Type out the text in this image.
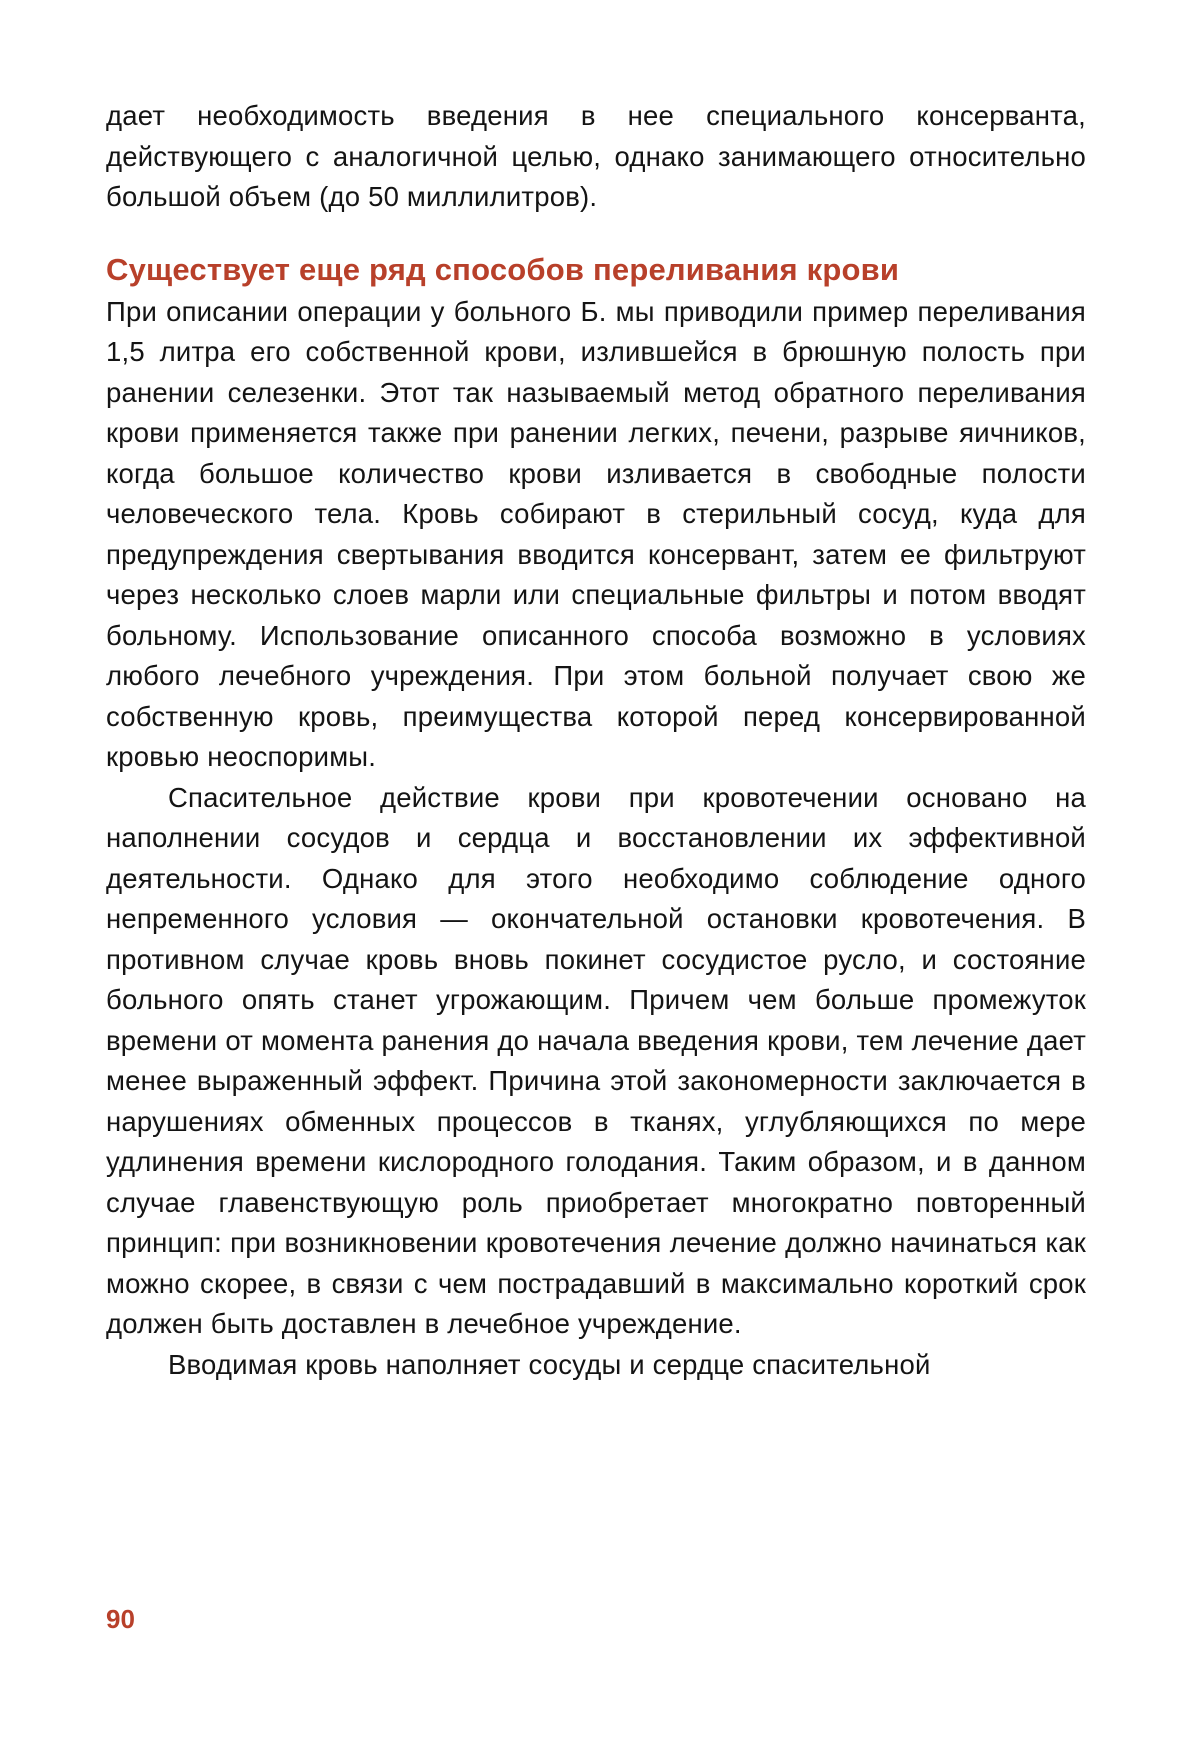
дает необходимость введения в нее специального консерванта, действующего с аналогичной целью, однако занимающего относительно большой объем (до 50 миллилитров).

Существует еще ряд способов переливания крови

При описании операции у больного Б. мы приводили пример переливания 1,5 литра его собственной крови, излившейся в брюшную полость при ранении селезенки. Этот так называемый метод обратного переливания крови применяется также при ранении легких, печени, разрыве яичников, когда большое количество крови изливается в свободные полости человеческого тела. Кровь собирают в стерильный сосуд, куда для предупреждения свертывания вводится консервант, затем ее фильтруют через несколько слоев марли или специальные фильтры и потом вводят больному. Использование описанного способа возможно в условиях любого лечебного учреждения. При этом больной получает свою же собственную кровь, преимущества которой перед консервированной кровью неоспоримы.

Спасительное действие крови при кровотечении основано на наполнении сосудов и сердца и восстановлении их эффективной деятельности. Однако для этого необходимо соблюдение одного непременного условия — окончательной остановки кровотечения. В противном случае кровь вновь покинет сосудистое русло, и состояние больного опять станет угрожающим. Причем чем больше промежуток времени от момента ранения до начала введения крови, тем лечение дает менее выраженный эффект. Причина этой закономерности заключается в нарушениях обменных процессов в тканях, углубляющихся по мере удлинения времени кислородного голодания. Таким образом, и в данном случае главенствующую роль приобретает многократно повторенный принцип: при возникновении кровотечения лечение должно начинаться как можно скорее, в связи с чем пострадавший в максимально короткий срок должен быть доставлен в лечебное учреждение.

Вводимая кровь наполняет сосуды и сердце спасительной

90
